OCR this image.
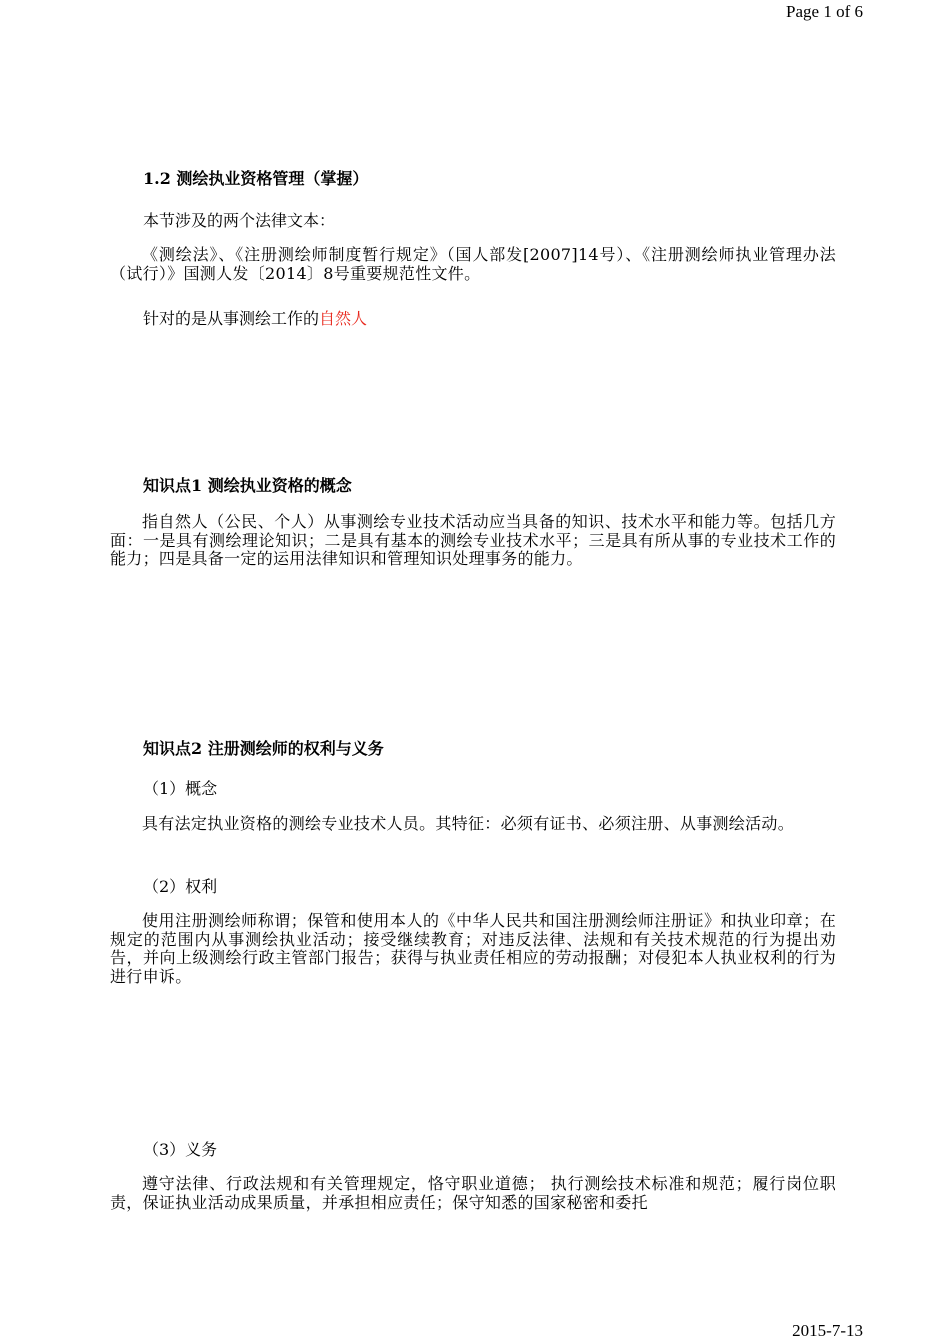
Page 1 of 6
1.2 测绘执业资格管理（掌握）
本节涉及的两个法律文本：
《测绘法》、《注册测绘师制度暂行规定》（国人部发[2007]14号）、《注册测绘师执业管理办法（试行）》国测人发〔2014〕8号重要规范性文件。
针对的是从事测绘工作的自然人
知识点1 测绘执业资格的概念
指自然人（公民、个人）从事测绘专业技术活动应当具备的知识、技术水平和能力等。包括几方面：一是具有测绘理论知识；二是具有基本的测绘专业技术水平；三是具有所从事的专业技术工作的能力；四是具备一定的运用法律知识和管理知识处理事务的能力。
知识点2 注册测绘师的权利与义务
（1）概念
具有法定执业资格的测绘专业技术人员。其特征：必须有证书、必须注册、从事测绘活动。
（2）权利
使用注册测绘师称谓；保管和使用本人的《中华人民共和国注册测绘师注册证》和执业印章；在规定的范围内从事测绘执业活动；接受继续教育；对违反法律、法规和有关技术规范的行为提出劝告，并向上级测绘行政主管部门报告；获得与执业责任相应的劳动报酬；对侵犯本人执业权利的行为进行申诉。
（3）义务
遵守法律、行政法规和有关管理规定，恪守职业道德； 执行测绘技术标准和规范；履行岗位职责，保证执业活动成果质量，并承担相应责任；保守知悉的国家秘密和委托
2015-7-13
